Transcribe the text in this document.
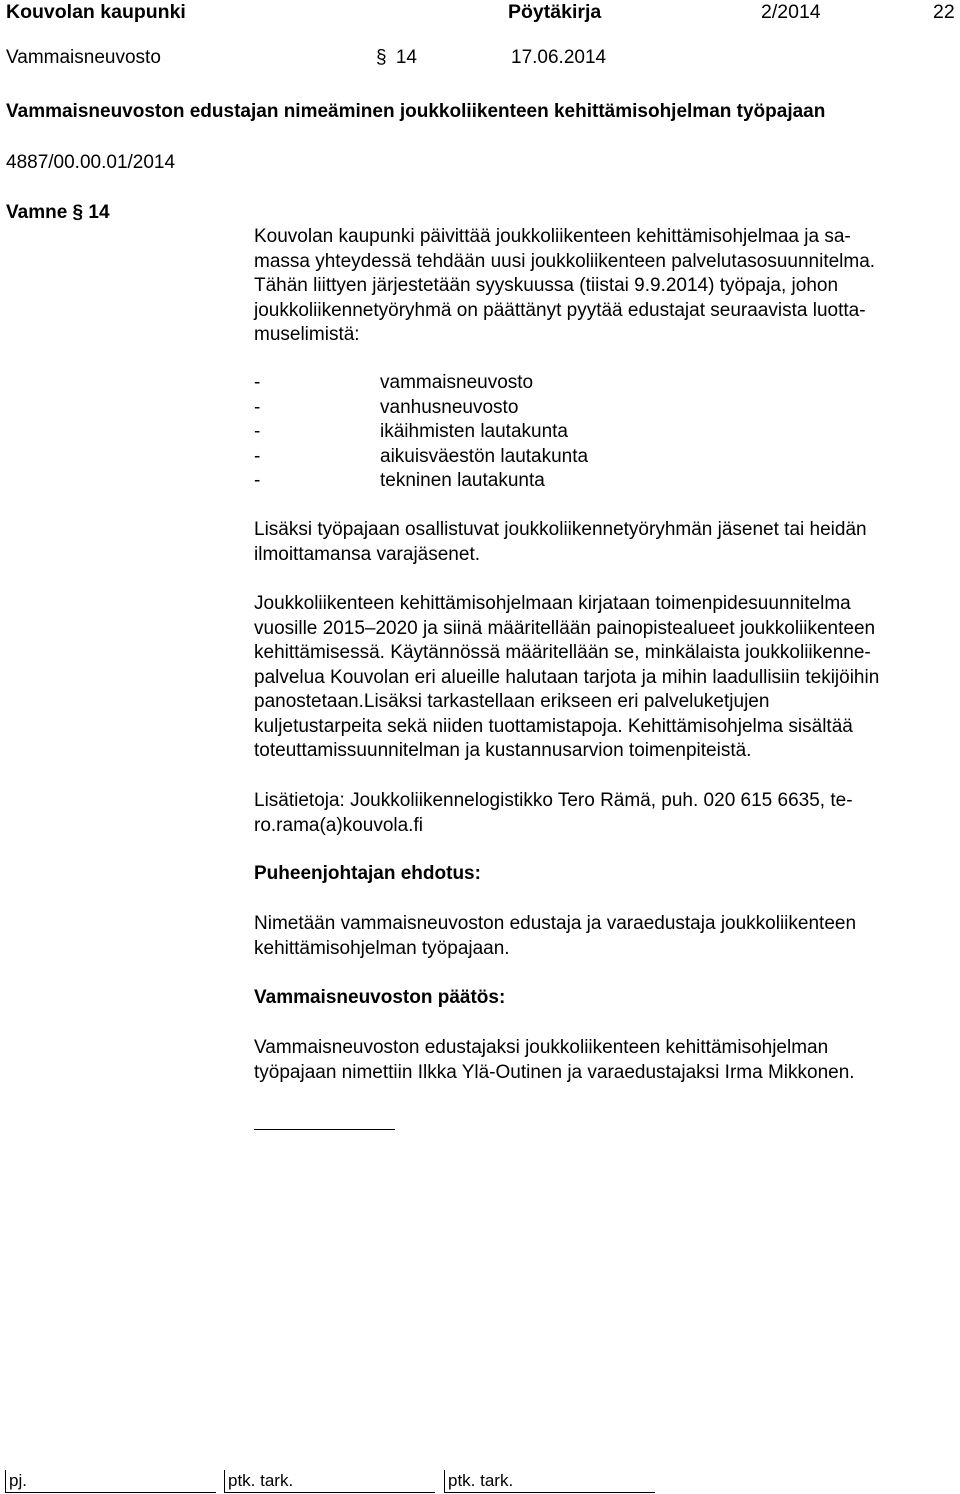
Kouvolan kaupunki	Pöytäkirja	2/2014	22
Vammaisneuvosto	§ 14	17.06.2014
Vammaisneuvoston edustajan nimeäminen joukkoliikenteen kehittämisohjelman työpajaan
4887/00.00.01/2014
Vamne § 14

Kouvolan kaupunki päivittää joukkoliikenteen kehittämisohjelmaa ja sa-

massa yhteydessä tehdään uusi joukkoliikenteen palvelutasosuunnitelma.

Tähän liittyen järjestetään syyskuussa (tiistai 9.9.2014) työpaja, johon

joukkoliikennetyöryhmä on päättänyt pyytää edustajat seuraavista luotta-

muselimistä:

-	vammaisneuvosto
-	vanhusneuvosto
-	ikäihmisten lautakunta
-	aikuisväestön lautakunta
-	tekninen lautakunta

Lisäksi työpajaan osallistuvat joukkoliikennetyöryhmän jäsenet tai heidän

ilmoittamansa varajäsenet.

Joukkoliikenteen kehittämisohjelmaan kirjataan toimenpidesuunnitelma

vuosille 2015–2020 ja siinä määritellään painopistealueet joukkoliikenteen

kehittämisessä. Käytännössä määritellään se, minkälaista joukkoliikenne-

palvelua Kouvolan eri alueille halutaan tarjota ja mihin laadullisiin tekijöihin

panostetaan.Lisäksi tarkastellaan erikseen eri palveluketjujen

kuljetustarpeita sekä niiden tuottamistapoja. Kehittämisohjelma sisältää

toteuttamissuunnitelman ja kustannusarvion toimenpiteistä.

Lisätietoja: Joukkoliikennelogistikko Tero Rämä, puh. 020 615 6635, te-

ro.rama(a)kouvola.fi

Puheenjohtajan ehdotus:

Nimetään vammaisneuvoston edustaja ja varaedustaja joukkoliikenteen

kehittämisohjelman työpajaan.

Vammaisneuvoston päätös:

Vammaisneuvoston edustajaksi joukkoliikenteen kehittämisohjelman

työpajaan nimettiin Ilkka Ylä-Outinen ja varaedustajaksi Irma Mikkonen.

pj.	ptk. tark.	ptk. tark.
